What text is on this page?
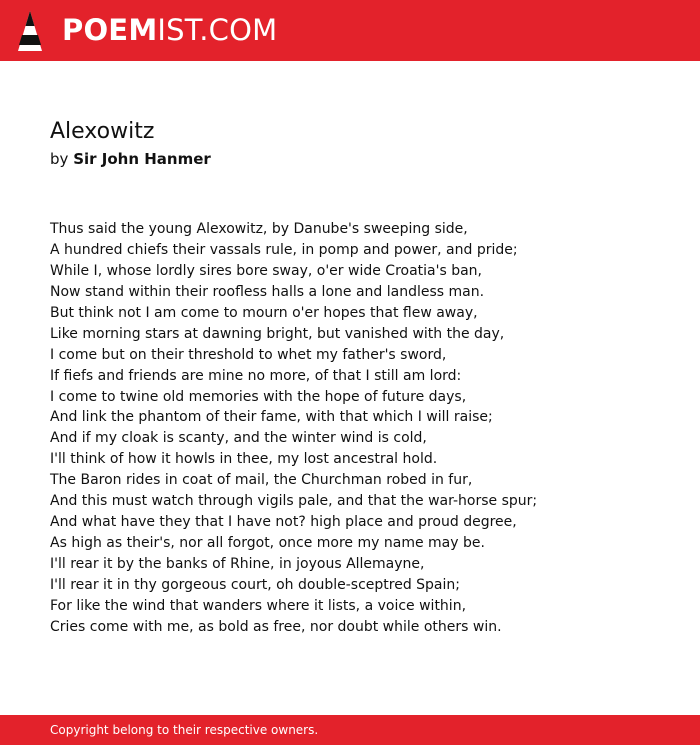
POEMIST.COM
Alexowitz
by Sir John Hanmer
Thus said the young Alexowitz, by Danube's sweeping side,
A hundred chiefs their vassals rule, in pomp and power, and pride;
While I, whose lordly sires bore sway, o'er wide Croatia's ban,
Now stand within their roofless halls a lone and landless man.
But think not I am come to mourn o'er hopes that flew away,
Like morning stars at dawning bright, but vanished with the day,
I come but on their threshold to whet my father's sword,
If fiefs and friends are mine no more, of that I still am lord:
I come to twine old memories with the hope of future days,
And link the phantom of their fame, with that which I will raise;
And if my cloak is scanty, and the winter wind is cold,
I'll think of how it howls in thee, my lost ancestral hold.
The Baron rides in coat of mail, the Churchman robed in fur,
And this must watch through vigils pale, and that the war-horse spur;
And what have they that I have not? high place and proud degree,
As high as their's, nor all forgot, once more my name may be.
I'll rear it by the banks of Rhine, in joyous Allemayne,
I'll rear it in thy gorgeous court, oh double-sceptred Spain;
For like the wind that wanders where it lists, a voice within,
Cries come with me, as bold as free, nor doubt while others win.
Copyright belong to their respective owners.
